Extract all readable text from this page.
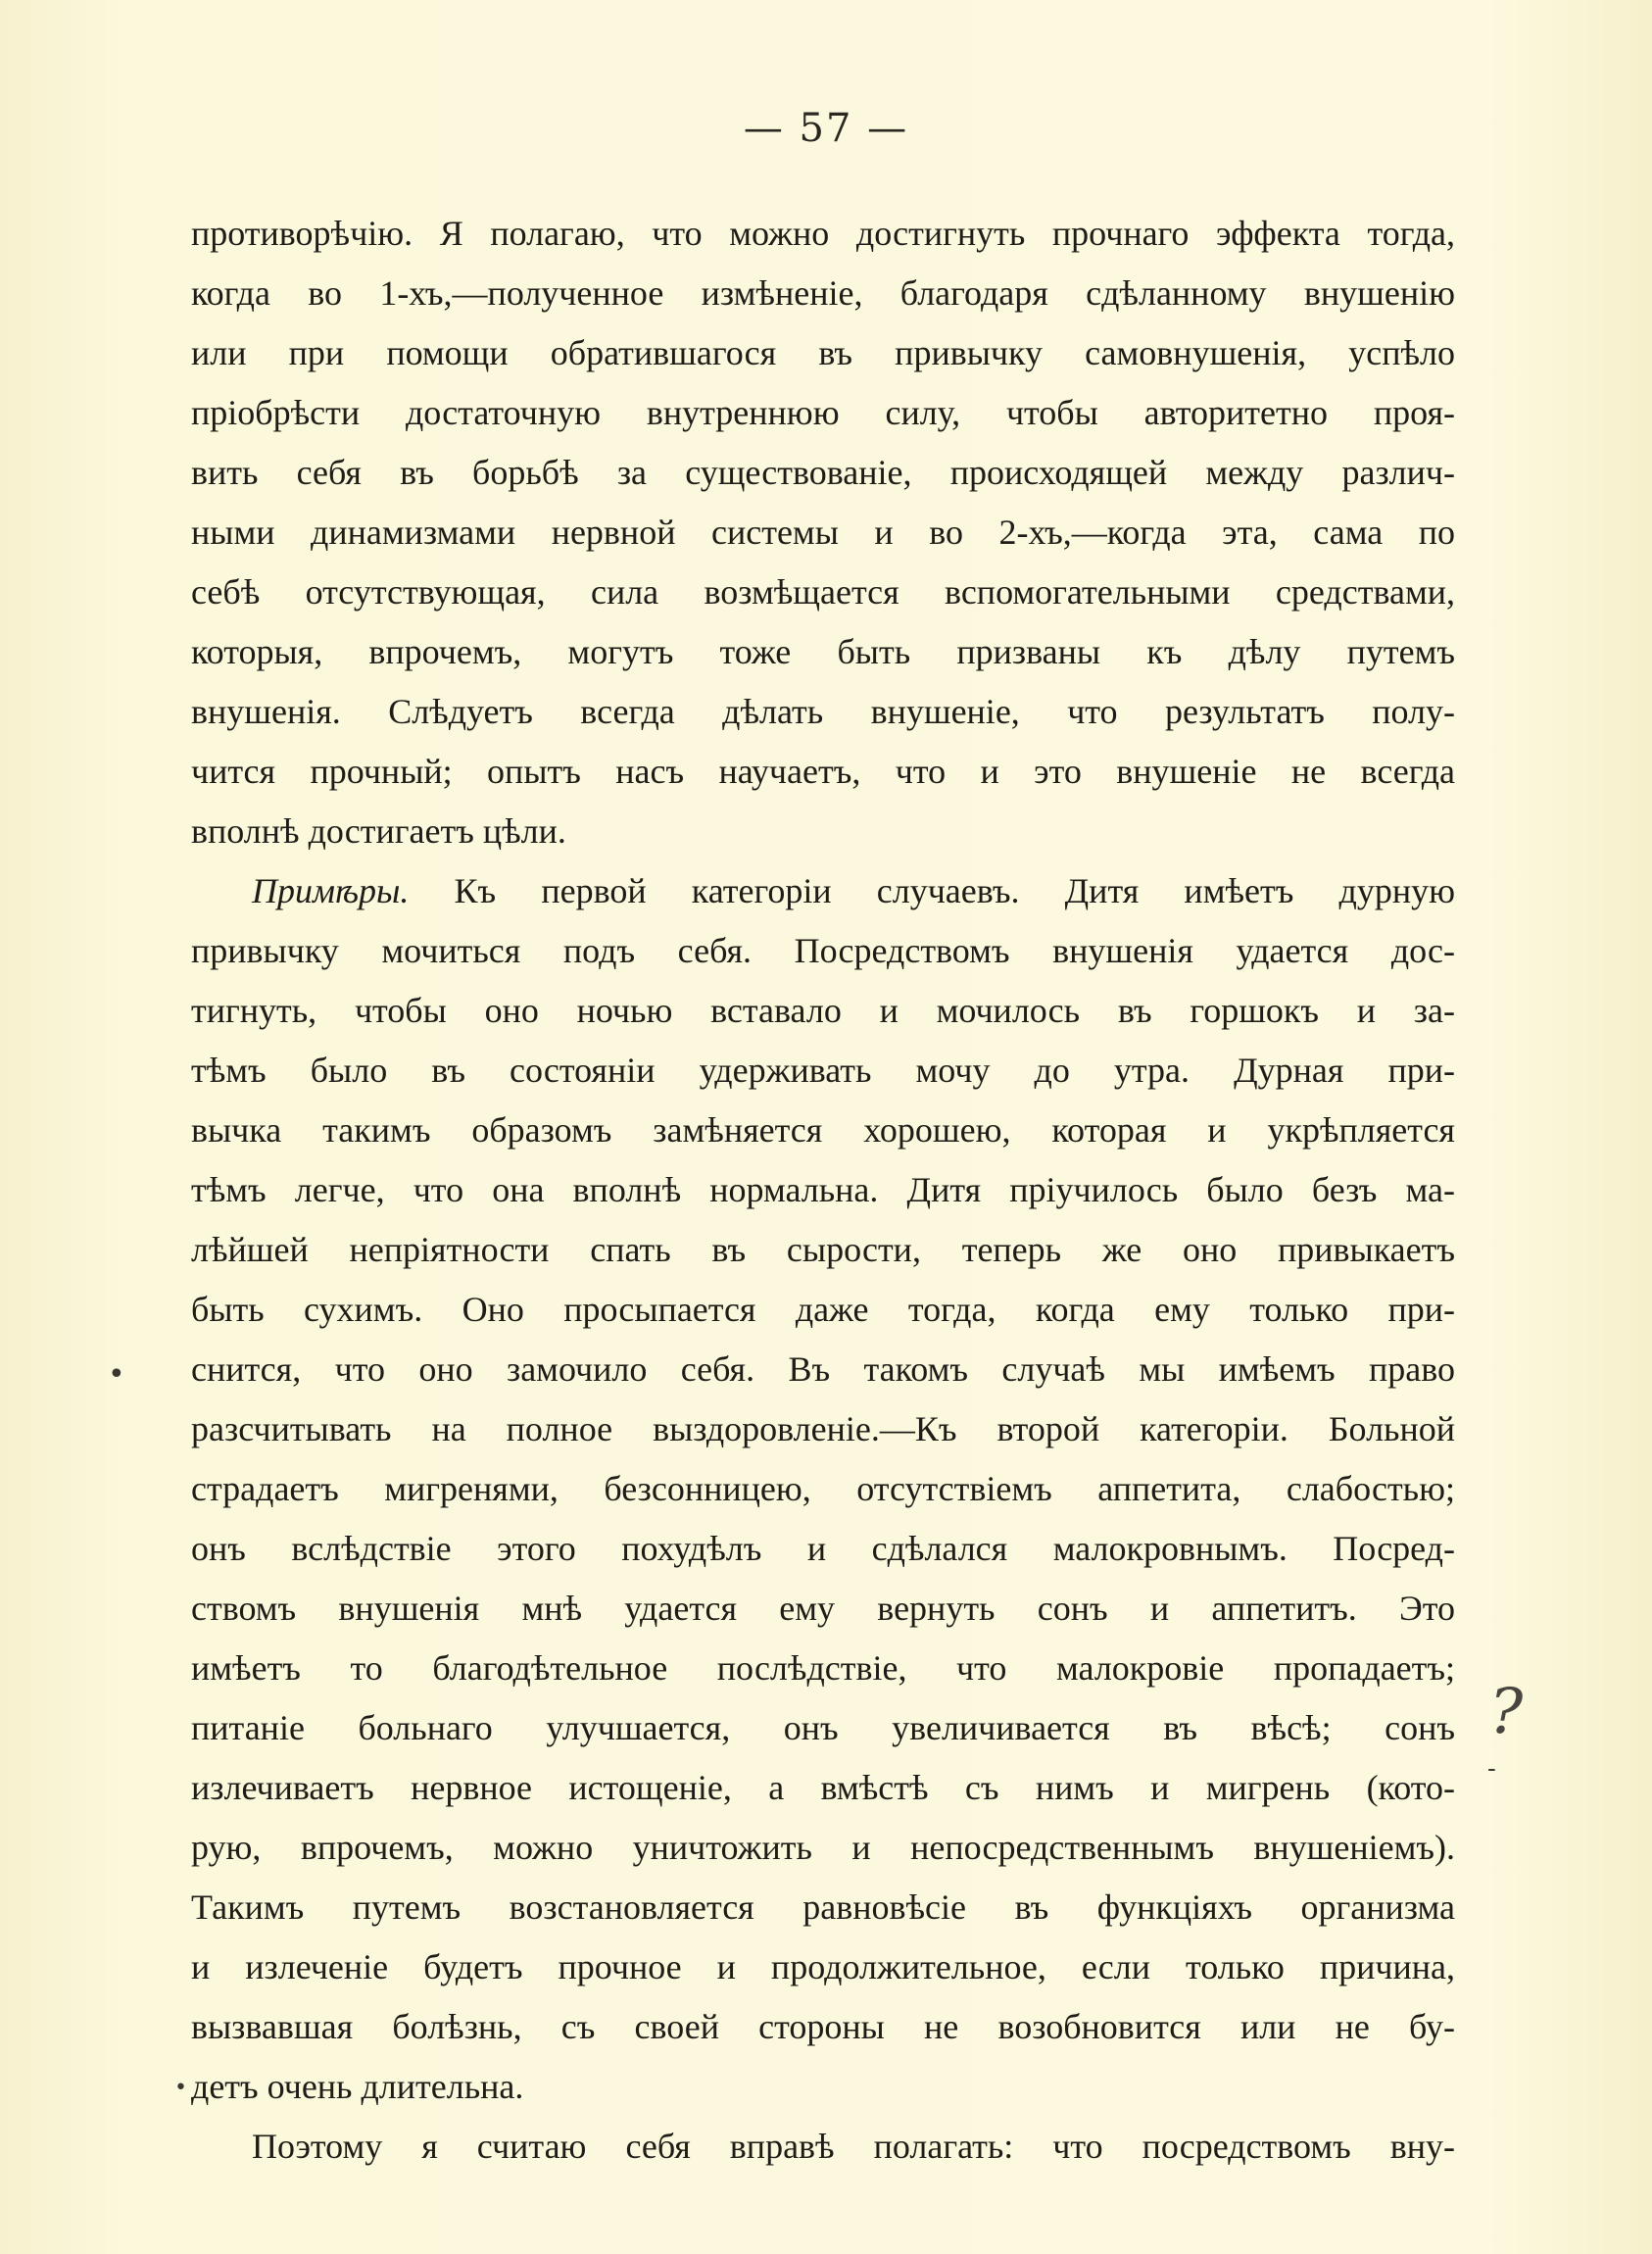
— 57 —
противорѣчію. Я полагаю, что можно достигнуть прочнаго эффекта тогда,
когда во 1-хъ,—полученное измѣненіе, благодаря сдѣланному внушенію
или при помощи обратившагося въ привычку самовнушенія, успѣло
пріобрѣсти достаточную внутреннюю силу, чтобы авторитетно проя-
вить себя въ борьбѣ за существованіе, происходящей между различ-
ными динамизмами нервной системы и во 2-хъ,—когда эта, сама по
себѣ отсутствующая, сила возмѣщается вспомогательными средствами,
которыя, впрочемъ, могутъ тоже быть призваны къ дѣлу путемъ
внушенія. Слѣдуетъ всегда дѣлать внушеніе, что результатъ полу-
чится прочный; опытъ насъ научаетъ, что и это внушеніе не всегда
вполнѣ достигаетъ цѣли.
Примѣры. Къ первой категоріи случаевъ. Дитя имѣетъ дурную
привычку мочиться подъ себя. Посредствомъ внушенія удается дос-
тигнуть, чтобы оно ночью вставало и мочилось въ горшокъ и за-
тѣмъ было въ состояніи удерживать мочу до утра. Дурная при-
вычка такимъ образомъ замѣняется хорошею, которая и укрѣпляется
тѣмъ легче, что она вполнѣ нормальна. Дитя пріучилось было безъ ма-
лѣйшей непріятности спать въ сырости, теперь же оно привыкаетъ
быть сухимъ. Оно просыпается даже тогда, когда ему только при-
снится, что оно замочило себя. Въ такомъ случаѣ мы имѣемъ право
разсчитывать на полное выздоровленіе.—Къ второй категоріи. Больной
страдаетъ мигренями, безсонницею, отсутствіемъ аппетита, слабостью;
онъ вслѣдствіе этого похудѣлъ и сдѣлался малокровнымъ. Посред-
ствомъ внушенія мнѣ удается ему вернуть сонъ и аппетитъ. Это
имѣетъ то благодѣтельное послѣдствіе, что малокровіе пропадаетъ;
питаніе больнаго улучшается, онъ увеличивается въ вѣсѣ; сонъ
излечиваетъ нервное истощеніе, а вмѣстѣ съ нимъ и мигрень (кото-
рую, впрочемъ, можно уничтожить и непосредственнымъ внушеніемъ).
Такимъ путемъ возстановляется равновѣсіе въ функціяхъ организма
и излеченіе будетъ прочное и продолжительное, если только причина,
вызвавшая болѣзнь, съ своей стороны не возобновится или не бу-
детъ очень длительна.
Поэтому я считаю себя вправѣ полагать: что посредствомъ вну-
•
?
-
•
